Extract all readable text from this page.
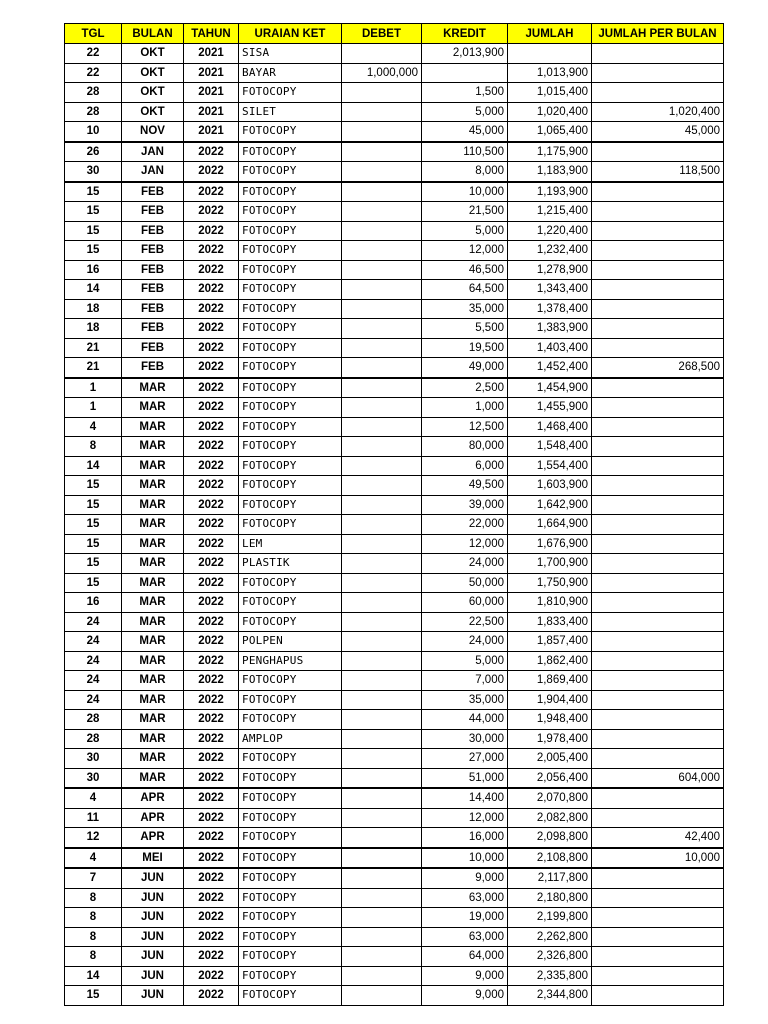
TGL	BULAN	TAHUN	URAIAN KET	DEBET	KREDIT	JUMLAH	JUMLAH PER BULAN
22	OKT	2021	SISA		2,013,900		
22	OKT	2021	BAYAR	1,000,000		1,013,900	
28	OKT	2021	FOTOCOPY		1,500	1,015,400	
28	OKT	2021	SILET		5,000	1,020,400	1,020,400
10	NOV	2021	FOTOCOPY		45,000	1,065,400	45,000
26	JAN	2022	FOTOCOPY		110,500	1,175,900	
30	JAN	2022	FOTOCOPY		8,000	1,183,900	118,500
15	FEB	2022	FOTOCOPY		10,000	1,193,900	
15	FEB	2022	FOTOCOPY		21,500	1,215,400	
15	FEB	2022	FOTOCOPY		5,000	1,220,400	
15	FEB	2022	FOTOCOPY		12,000	1,232,400	
16	FEB	2022	FOTOCOPY		46,500	1,278,900	
14	FEB	2022	FOTOCOPY		64,500	1,343,400	
18	FEB	2022	FOTOCOPY		35,000	1,378,400	
18	FEB	2022	FOTOCOPY		5,500	1,383,900	
21	FEB	2022	FOTOCOPY		19,500	1,403,400	
21	FEB	2022	FOTOCOPY		49,000	1,452,400	268,500
1	MAR	2022	FOTOCOPY		2,500	1,454,900	
1	MAR	2022	FOTOCOPY		1,000	1,455,900	
4	MAR	2022	FOTOCOPY		12,500	1,468,400	
8	MAR	2022	FOTOCOPY		80,000	1,548,400	
14	MAR	2022	FOTOCOPY		6,000	1,554,400	
15	MAR	2022	FOTOCOPY		49,500	1,603,900	
15	MAR	2022	FOTOCOPY		39,000	1,642,900	
15	MAR	2022	FOTOCOPY		22,000	1,664,900	
15	MAR	2022	LEM		12,000	1,676,900	
15	MAR	2022	PLASTIK		24,000	1,700,900	
15	MAR	2022	FOTOCOPY		50,000	1,750,900	
16	MAR	2022	FOTOCOPY		60,000	1,810,900	
24	MAR	2022	FOTOCOPY		22,500	1,833,400	
24	MAR	2022	POLPEN		24,000	1,857,400	
24	MAR	2022	PENGHAPUS		5,000	1,862,400	
24	MAR	2022	FOTOCOPY		7,000	1,869,400	
24	MAR	2022	FOTOCOPY		35,000	1,904,400	
28	MAR	2022	FOTOCOPY		44,000	1,948,400	
28	MAR	2022	AMPLOP		30,000	1,978,400	
30	MAR	2022	FOTOCOPY		27,000	2,005,400	
30	MAR	2022	FOTOCOPY		51,000	2,056,400	604,000
4	APR	2022	FOTOCOPY		14,400	2,070,800	
11	APR	2022	FOTOCOPY		12,000	2,082,800	
12	APR	2022	FOTOCOPY		16,000	2,098,800	42,400
4	MEI	2022	FOTOCOPY		10,000	2,108,800	10,000
7	JUN	2022	FOTOCOPY		9,000	2,117,800	
8	JUN	2022	FOTOCOPY		63,000	2,180,800	
8	JUN	2022	FOTOCOPY		19,000	2,199,800	
8	JUN	2022	FOTOCOPY		63,000	2,262,800	
8	JUN	2022	FOTOCOPY		64,000	2,326,800	
14	JUN	2022	FOTOCOPY		9,000	2,335,800	
15	JUN	2022	FOTOCOPY		9,000	2,344,800	
